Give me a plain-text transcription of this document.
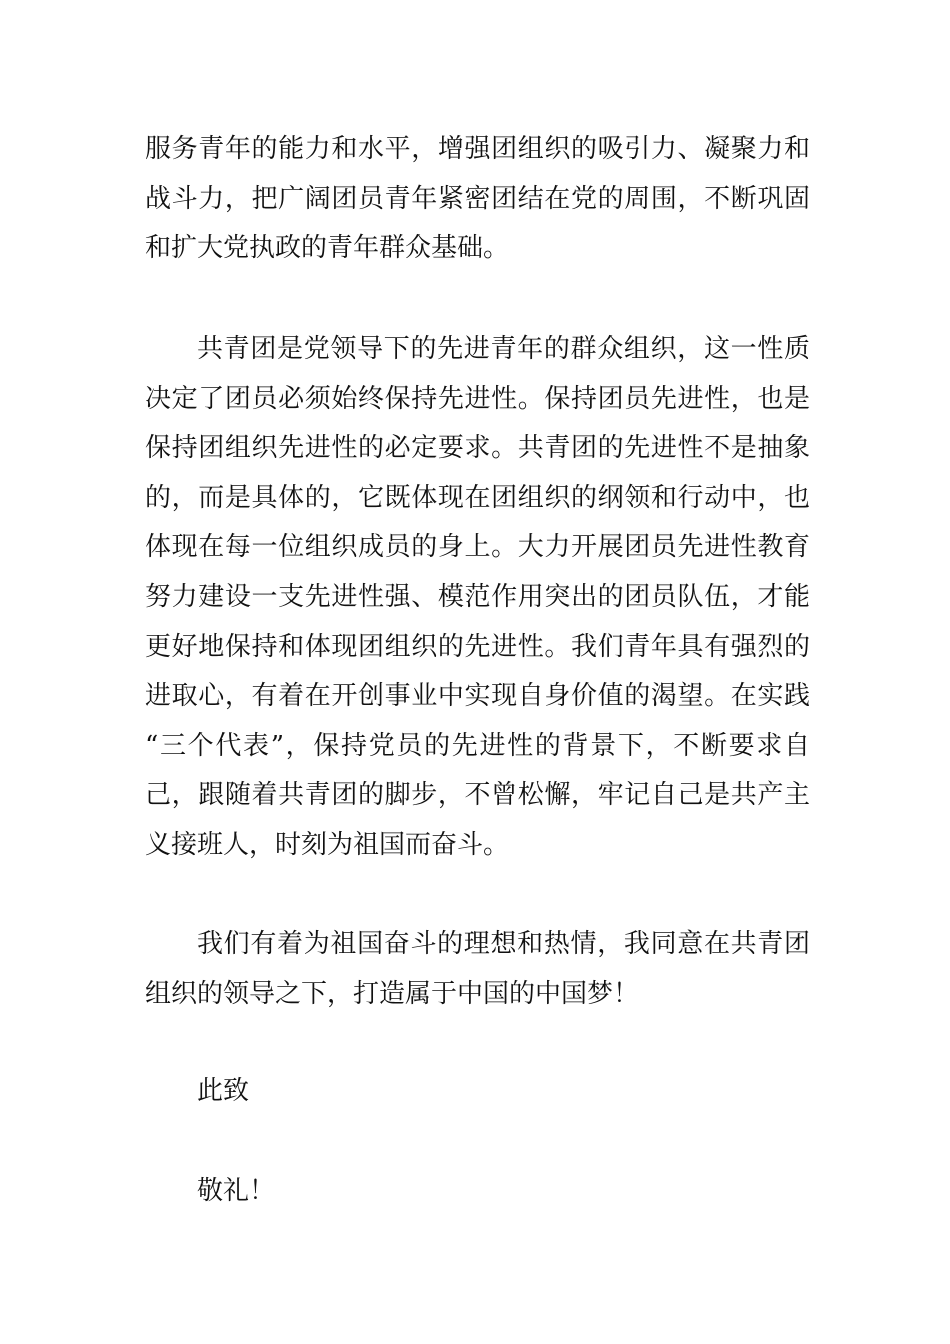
服务青年的能力和水平，增强团组织的吸引力、凝聚力和
战斗力，把广阔团员青年紧密团结在党的周围，不断巩固
和扩大党执政的青年群众基础。
共青团是党领导下的先进青年的群众组织，这一性质
决定了团员必须始终保持先进性。保持团员先进性，也是
保持团组织先进性的必定要求。共青团的先进性不是抽象
的，而是具体的，它既体现在团组织的纲领和行动中，也
体现在每一位组织成员的身上。大力开展团员先进性教育
努力建设一支先进性强、模范作用突出的团员队伍，才能
更好地保持和体现团组织的先进性。我们青年具有强烈的
进取心，有着在开创事业中实现自身价值的渴望。在实践
“三个代表”，保持党员的先进性的背景下，不断要求自
己，跟随着共青团的脚步，不曾松懈，牢记自己是共产主
义接班人，时刻为祖国而奋斗。
我们有着为祖国奋斗的理想和热情，我同意在共青团
组织的领导之下，打造属于中国的中国梦！
此致
敬礼！
